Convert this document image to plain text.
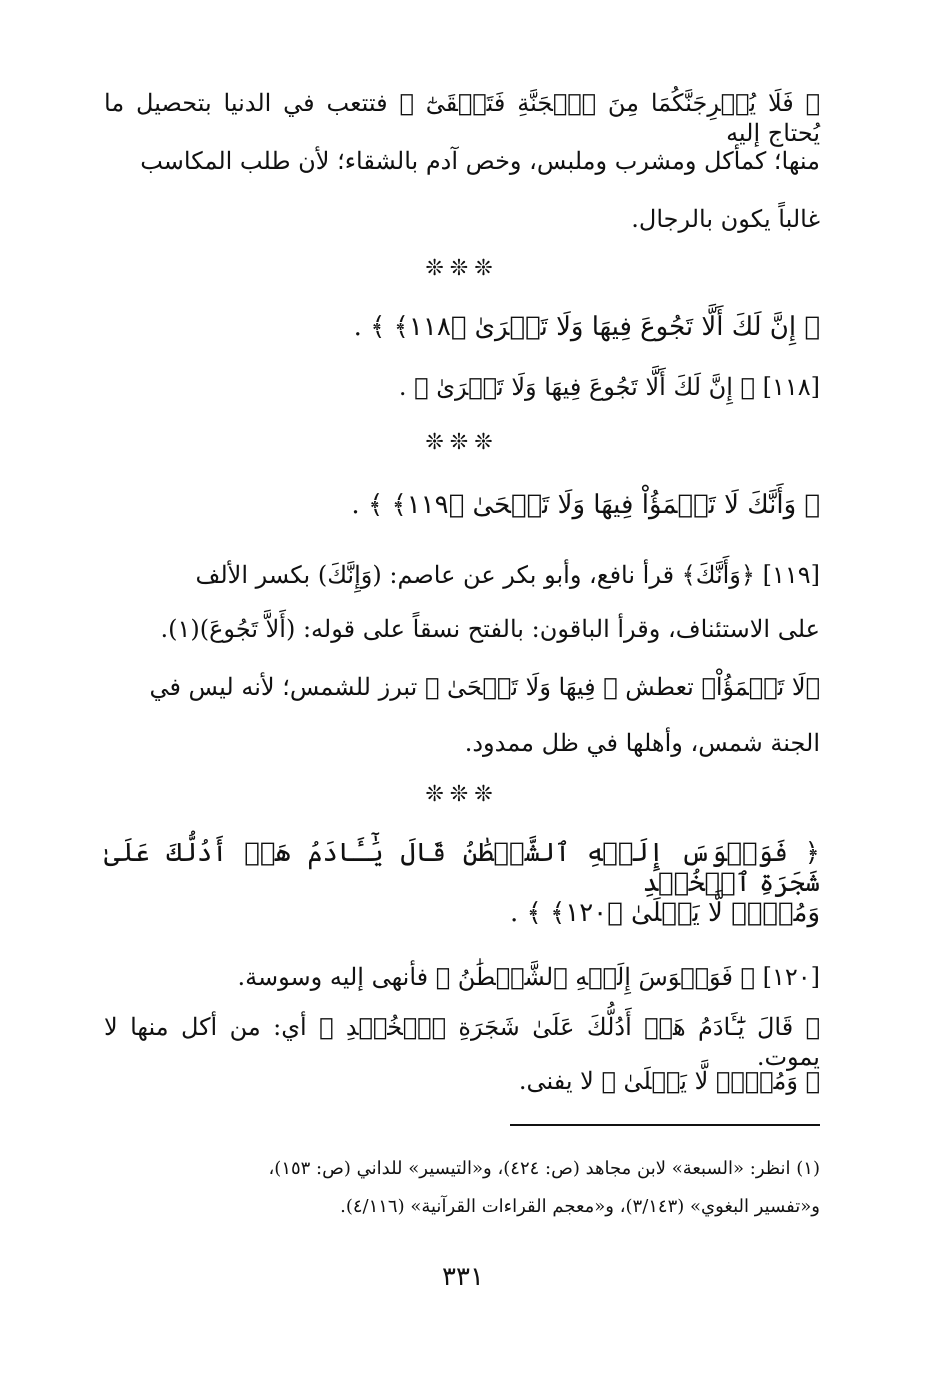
﴿ فَلَا يُخۡرِجَنَّكُمَا مِنَ ٱلۡجَنَّةِ فَتَشۡقَىٰٓ ﴾ فتتعب في الدنيا بتحصيل ما يُحتاج إليه
منها؛ كمأكل ومشرب وملبس، وخص آدم بالشقاء؛ لأن طلب المكاسب
غالباً يكون بالرجال.
❊❊❊
﴿ إِنَّ لَكَ أَلَّا تَجُوعَ فِيهَا وَلَا تَعۡرَىٰ ﴿١١٨﴾ ﴾ .
[١١٨] ﴿ إِنَّ لَكَ أَلَّا تَجُوعَ فِيهَا وَلَا تَعۡرَىٰ ﴾ .
❊❊❊
﴿ وَأَنَّكَ لَا تَظۡمَؤُاْ فِيهَا وَلَا تَضۡحَىٰ ﴿١١٩﴾ ﴾ .
[١١٩] ﴿وَأَنَّكَ﴾ قرأ نافع، وأبو بكر عن عاصم: (وَإِنَّكَ) بكسر الألف
على الاستئناف، وقرأ الباقون: بالفتح نسقاً على قوله: (أَلاَّ تَجُوعَ)(١).
﴿لَا تَظۡمَؤُاْ﴾ تعطش ﴿ فِيهَا وَلَا تَضۡحَىٰ ﴾ تبرز للشمس؛ لأنه ليس في
الجنة شمس، وأهلها في ظل ممدود.
❊❊❊
﴿ فَوَسۡوَسَ إِلَيۡهِ ٱلشَّيۡطَٰنُ قَالَ يَٰٓـَٔادَمُ هَلۡ أَدُلُّكَ عَلَىٰ شَجَرَةِ ٱلۡخُلۡدِ
وَمُلۡكٖ لَّا يَبۡلَىٰ ﴿١٢٠﴾ ﴾ .
[١٢٠] ﴿ فَوَسۡوَسَ إِلَيۡهِ ٱلشَّيۡطَٰنُ ﴾ فأنهى إليه وسوسة.
﴿ قَالَ يَٰٓـَٔادَمُ هَلۡ أَدُلُّكَ عَلَىٰ شَجَرَةِ ٱلۡخُلۡدِ ﴾ أي: من أكل منها لا يموت.
﴿ وَمُلۡكٖ لَّا يَبۡلَىٰ ﴾ لا يفنى.
(١) انظر: «السبعة» لابن مجاهد (ص: ٤٢٤)، و«التيسير» للداني (ص: ١٥٣)،
و«تفسير البغوي» (٣/١٤٣)، و«معجم القراءات القرآنية» (٤/١١٦).
٣٣١
